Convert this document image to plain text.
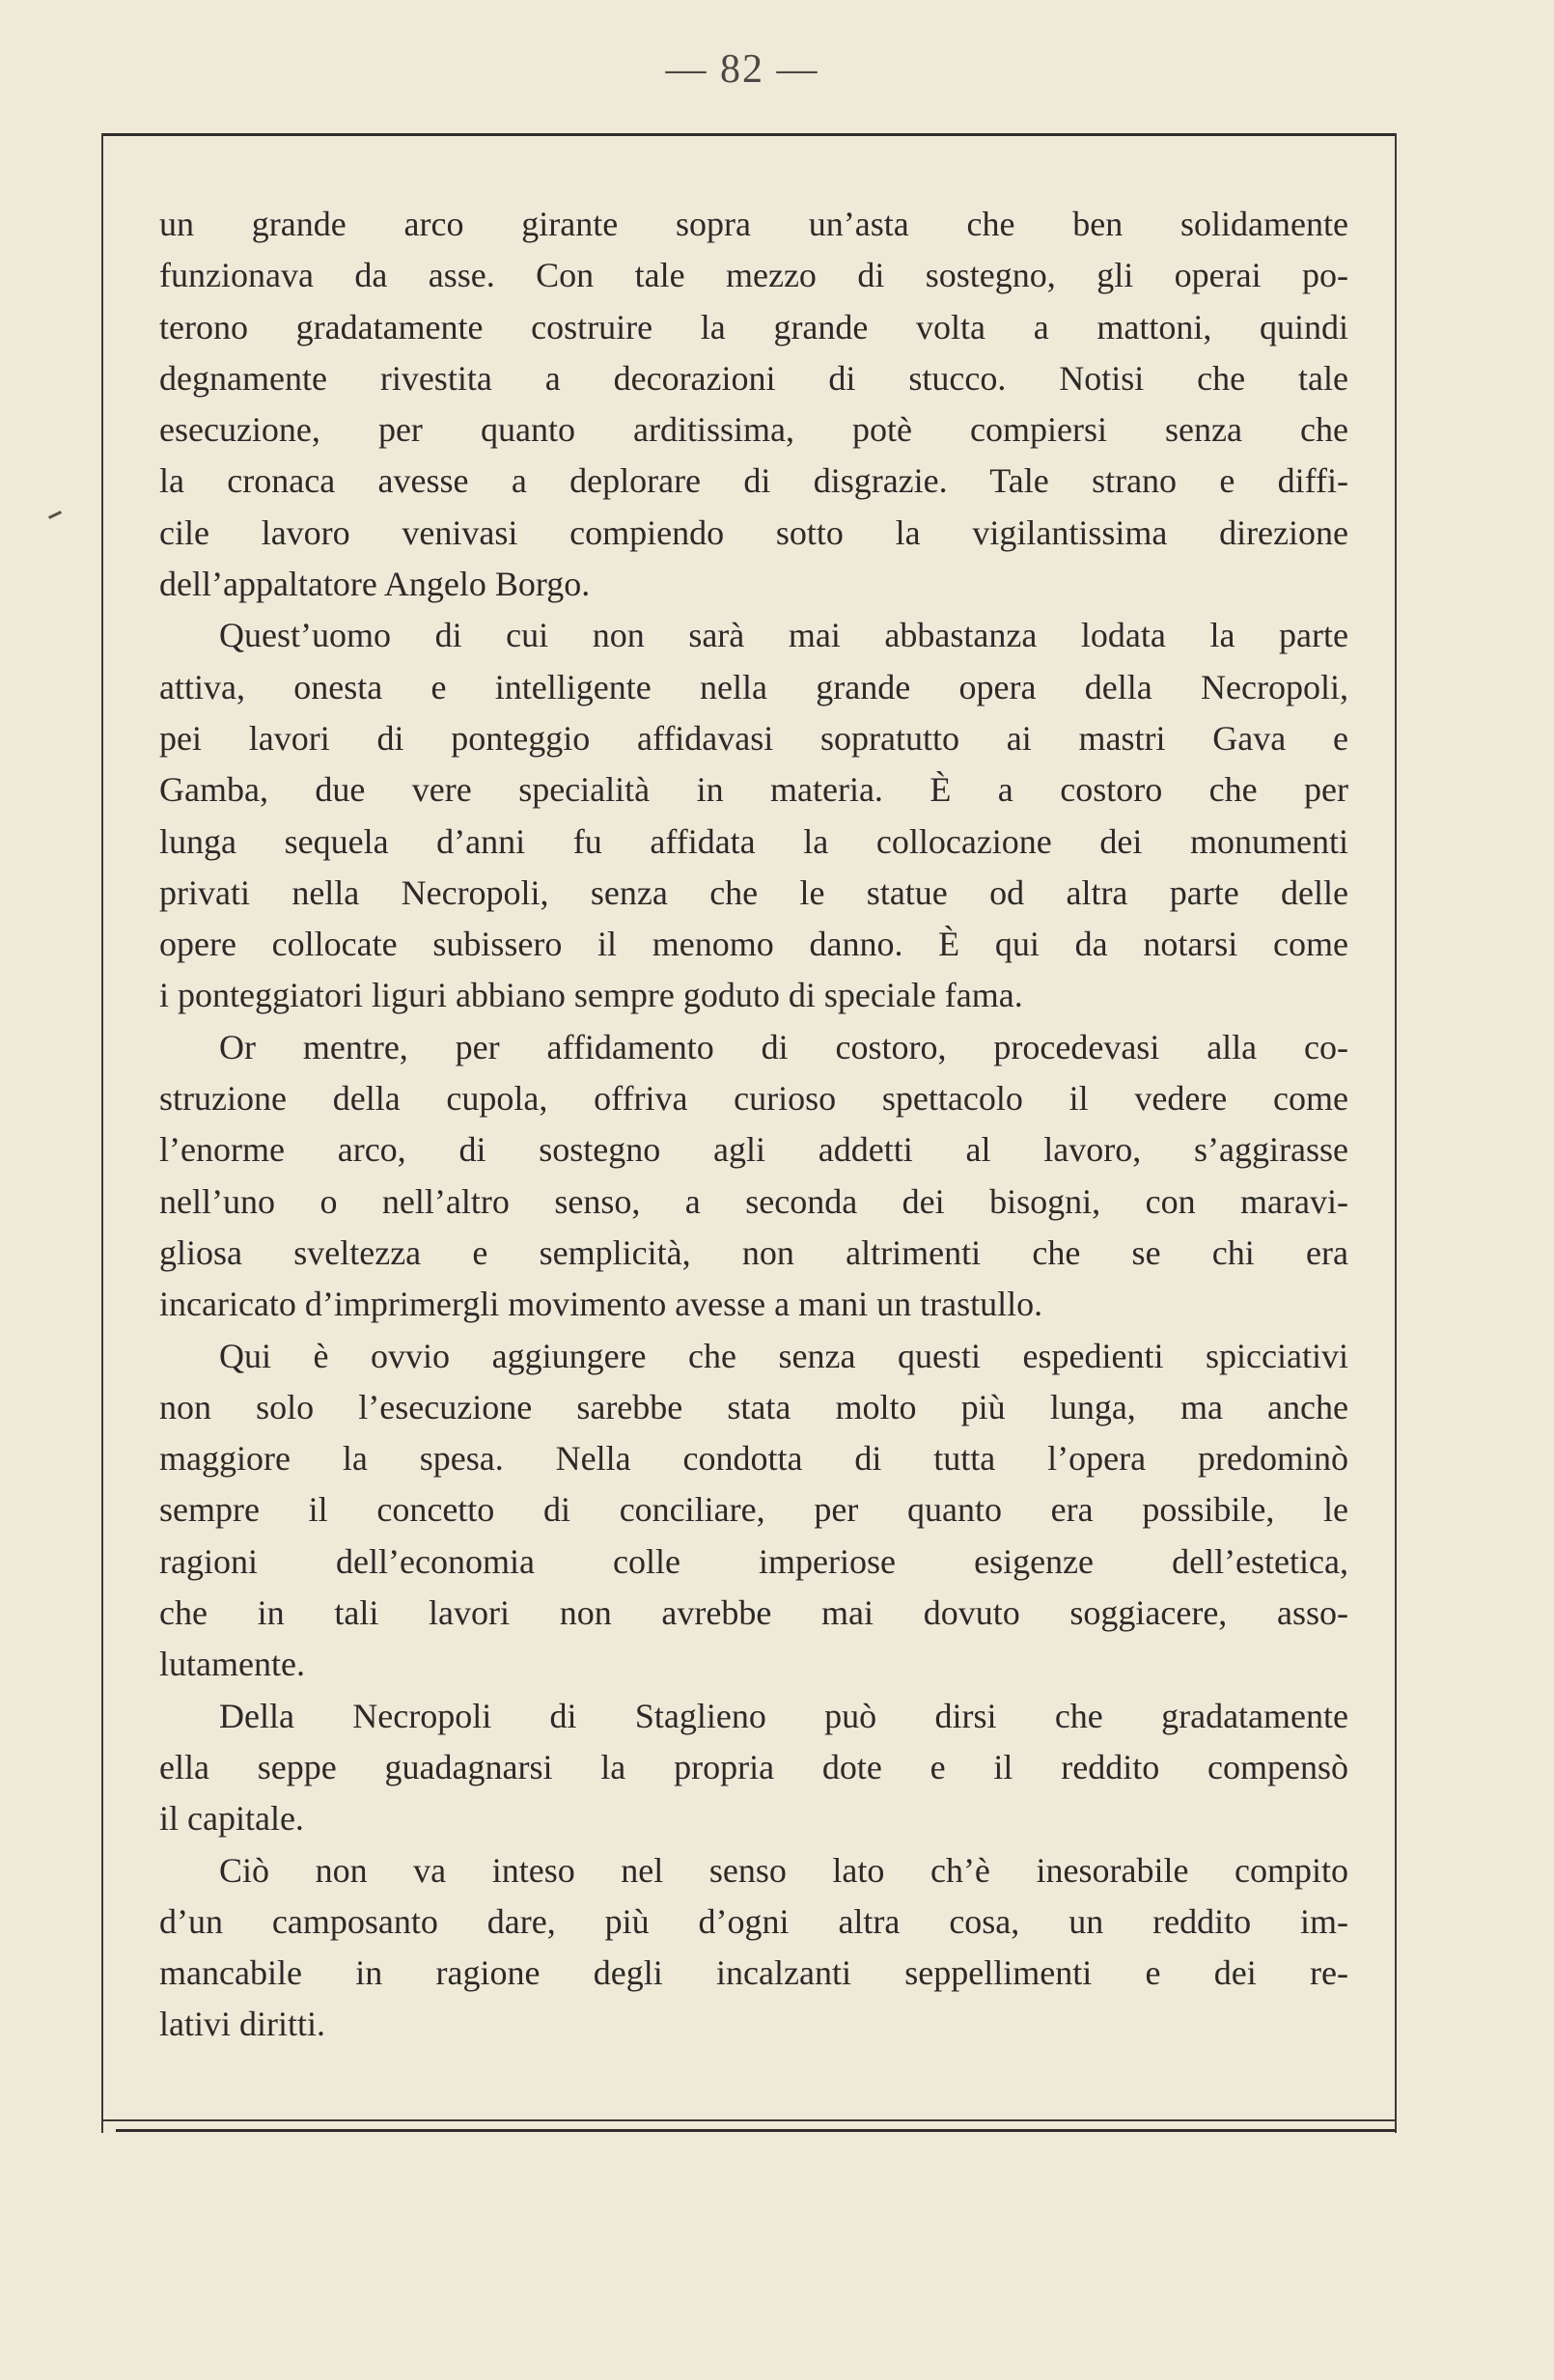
— 82 —
un grande arco girante sopra un’asta che ben solidamente
funzionava da asse. Con tale mezzo di sostegno, gli operai po-
terono gradatamente costruire la grande volta a mattoni, quindi
degnamente rivestita a decorazioni di stucco. Notisi che tale
esecuzione, per quanto arditissima, potè compiersi senza che
la cronaca avesse a deplorare di disgrazie. Tale strano e diffi-
cile lavoro venivasi compiendo sotto la vigilantissima direzione
dell’appaltatore Angelo Borgo.
Quest’uomo di cui non sarà mai abbastanza lodata la parte
attiva, onesta e intelligente nella grande opera della Necropoli,
pei lavori di ponteggio affidavasi sopratutto ai mastri Gava e
Gamba, due vere specialità in materia. È a costoro che per
lunga sequela d’anni fu affidata la collocazione dei monumenti
privati nella Necropoli, senza che le statue od altra parte delle
opere collocate subissero il menomo danno. È qui da notarsi come
i ponteggiatori liguri abbiano sempre goduto di speciale fama.
Or mentre, per affidamento di costoro, procedevasi alla co-
struzione della cupola, offriva curioso spettacolo il vedere come
l’enorme arco, di sostegno agli addetti al lavoro, s’aggirasse
nell’uno o nell’altro senso, a seconda dei bisogni, con maravi-
gliosa sveltezza e semplicità, non altrimenti che se chi era
incaricato d’imprimergli movimento avesse a mani un trastullo.
Qui è ovvio aggiungere che senza questi espedienti spicciativi
non solo l’esecuzione sarebbe stata molto più lunga, ma anche
maggiore la spesa. Nella condotta di tutta l’opera predominò
sempre il concetto di conciliare, per quanto era possibile, le
ragioni dell’economia colle imperiose esigenze dell’estetica,
che in tali lavori non avrebbe mai dovuto soggiacere, asso-
lutamente.
Della Necropoli di Staglieno può dirsi che gradatamente
ella seppe guadagnarsi la propria dote e il reddito compensò
il capitale.
Ciò non va inteso nel senso lato ch’è inesorabile compito
d’un camposanto dare, più d’ogni altra cosa, un reddito im-
mancabile in ragione degli incalzanti seppellimenti e dei re-
lativi diritti.
